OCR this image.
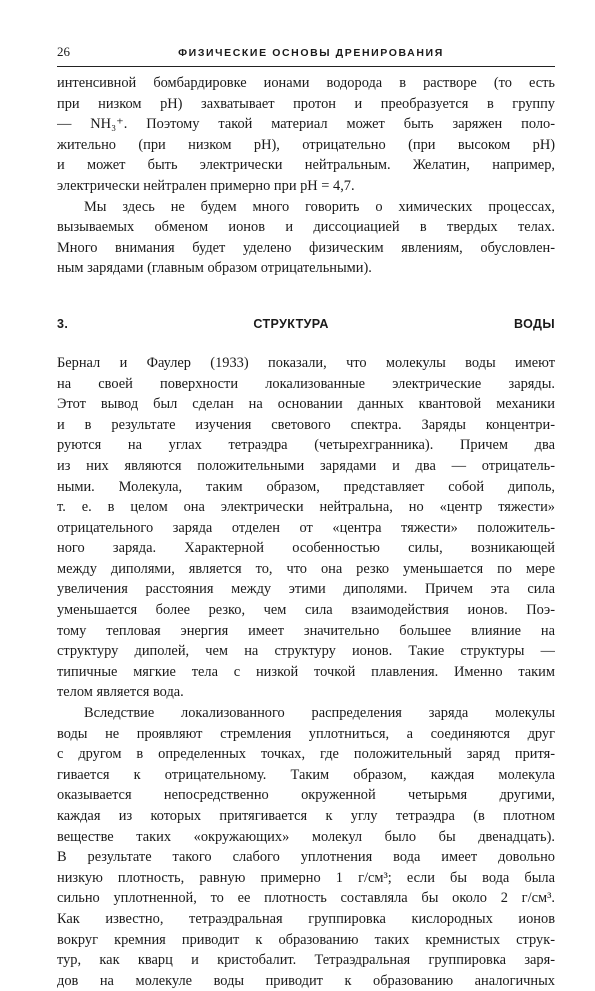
26	ФИЗИЧЕСКИЕ ОСНОВЫ ДРЕНИРОВАНИЯ
интенсивной бомбардировке ионами водорода в растворе (то есть
при низком pH) захватывает протон и преобразуется в группу
— NH₃⁺. Поэтому такой материал может быть заряжен поло-
жительно (при низком pH), отрицательно (при высоком pH)
и может быть электрически нейтральным. Желатин, например,
электрически нейтрален примерно при pH = 4,7.
Мы здесь не будем много говорить о химических процессах,
вызываемых обменом ионов и диссоциацией в твердых телах.
Много внимания будет уделено физическим явлениям, обусловлен-
ным зарядами (главным образом отрицательными).
3. СТРУКТУРА ВОДЫ
Бернал и Фаулер (1933) показали, что молекулы воды имеют
на своей поверхности локализованные электрические заряды.
Этот вывод был сделан на основании данных квантовой механики
и в результате изучения светового спектра. Заряды концентри-
руются на углах тетраэдра (четырехгранника). Причем два
из них являются положительными зарядами и два — отрицатель-
ными. Молекула, таким образом, представляет собой диполь,
т. е. в целом она электрически нейтральна, но «центр тяжести»
отрицательного заряда отделен от «центра тяжести» положитель-
ного заряда. Характерной особенностью силы, возникающей
между диполями, является то, что она резко уменьшается по мере
увеличения расстояния между этими диполями. Причем эта сила
уменьшается более резко, чем сила взаимодействия ионов. Поэ-
тому тепловая энергия имеет значительно большее влияние на
структуру диполей, чем на структуру ионов. Такие структуры —
типичные мягкие тела с низкой точкой плавления. Именно таким
телом является вода.
Вследствие локализованного распределения заряда молекулы
воды не проявляют стремления уплотниться, а соединяются друг
с другом в определенных точках, где положительный заряд притя-
гивается к отрицательному. Таким образом, каждая молекула
оказывается непосредственно окруженной четырьмя другими,
каждая из которых притягивается к углу тетраэдра (в плотном
веществе таких «окружающих» молекул было бы двенадцать).
В результате такого слабого уплотнения вода имеет довольно
низкую плотность, равную примерно 1 г/см³; если бы вода была
сильно уплотненной, то ее плотность составляла бы около 2 г/см³.
Как известно, тетраэдральная группировка кислородных ионов
вокруг кремния приводит к образованию таких кремнистых струк-
тур, как кварц и кристобалит. Тетраэдральная группировка заря-
дов на молекуле воды приводит к образованию аналогичных
